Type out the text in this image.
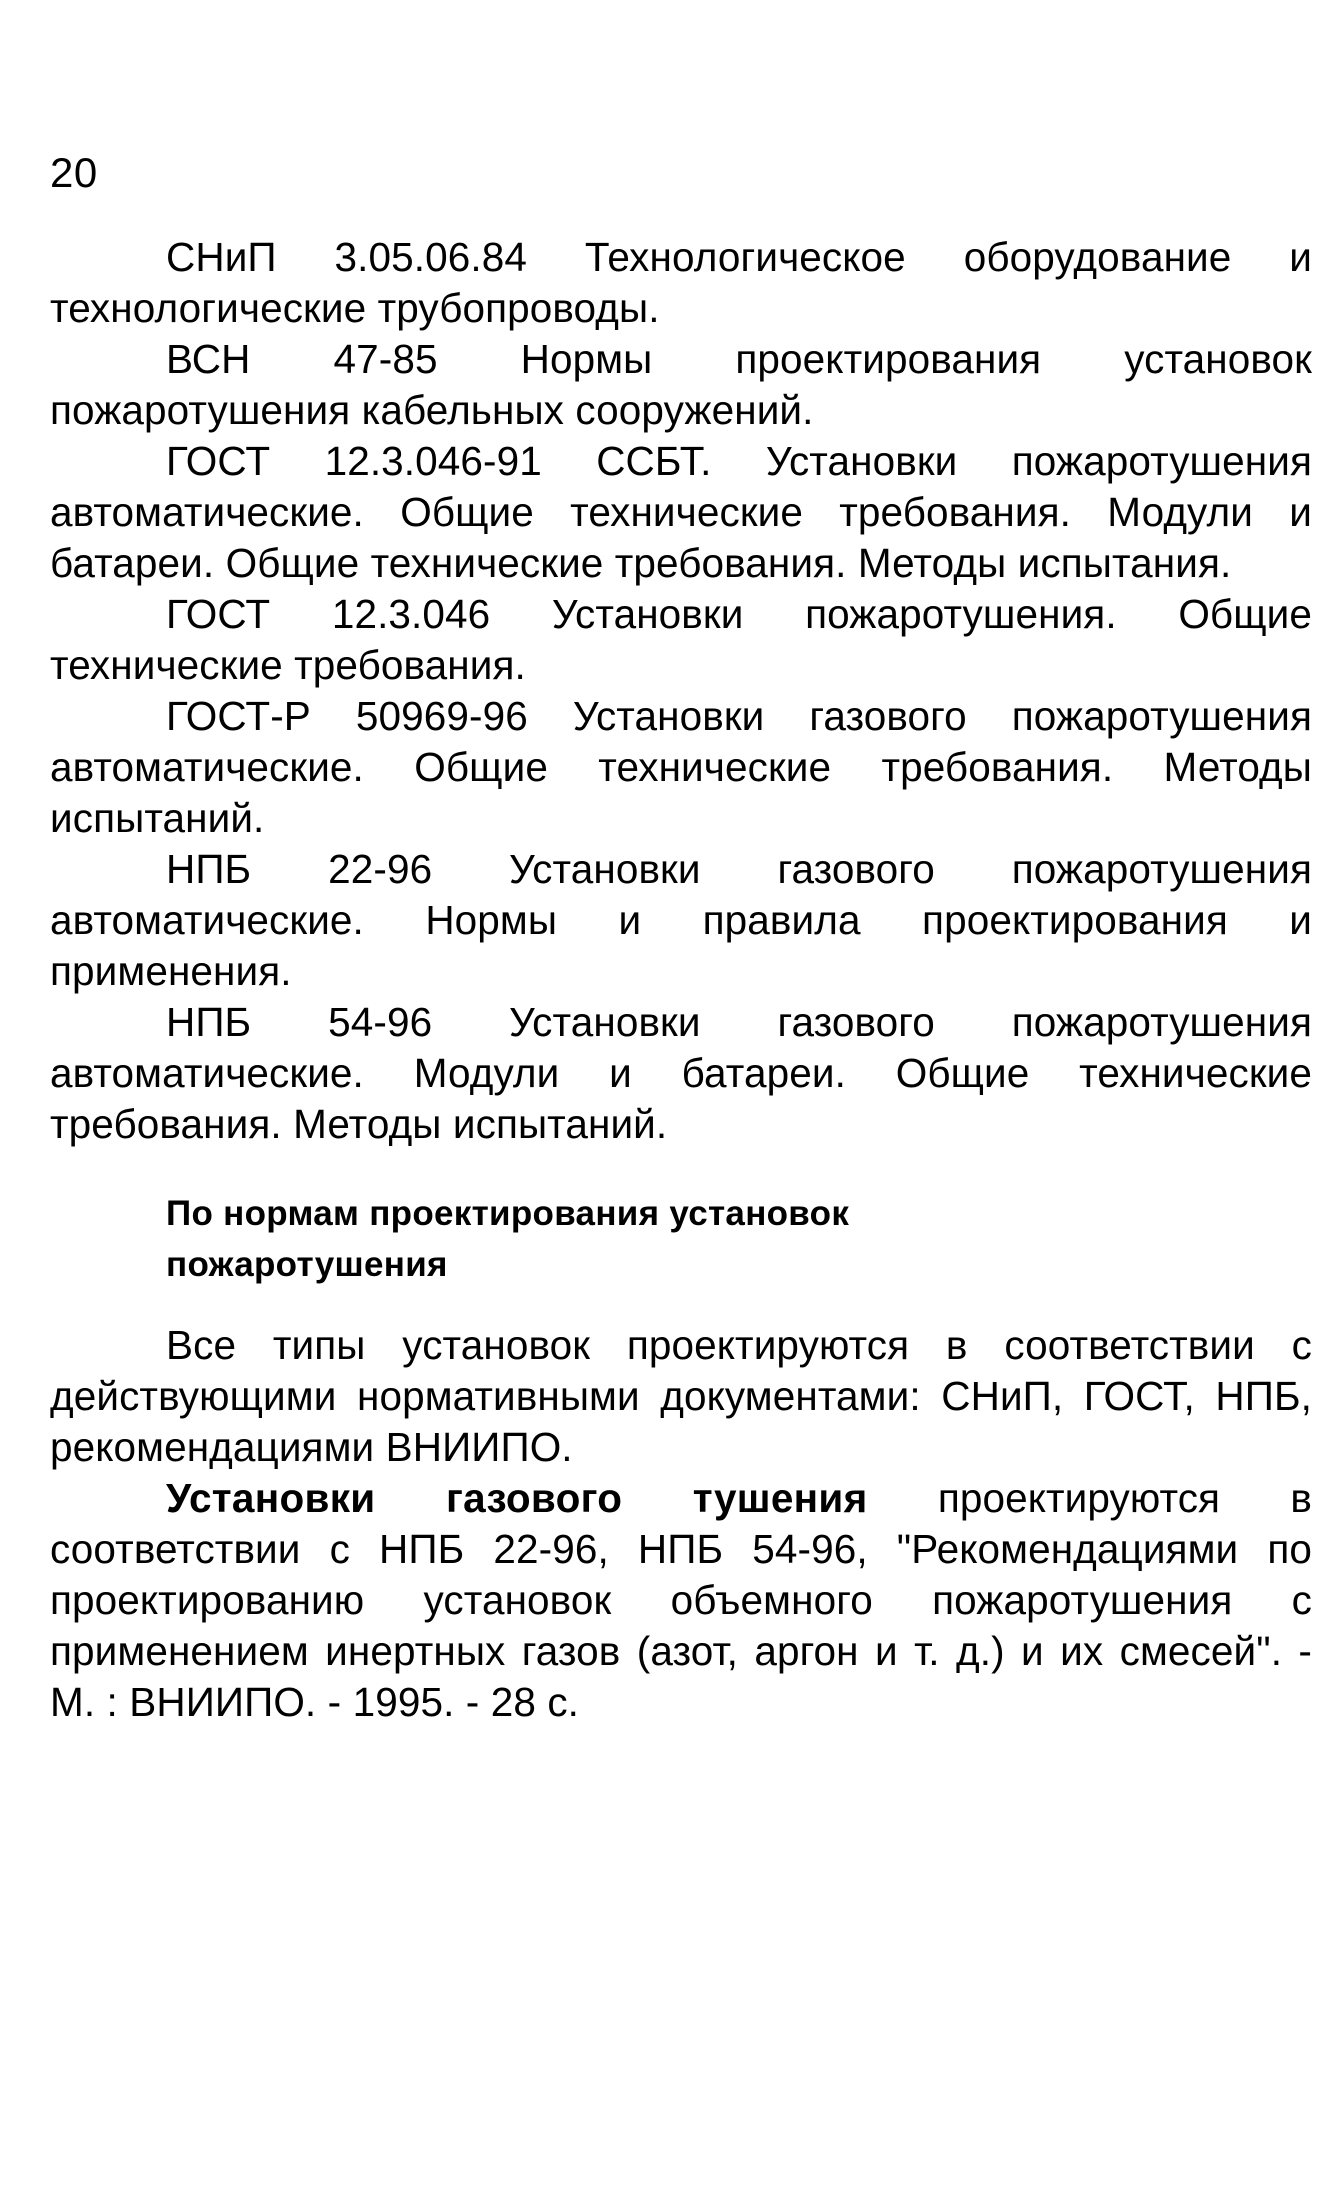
20

СНиП 3.05.06.84 Технологическое оборудование и технологические трубопроводы.

ВСН 47-85 Нормы проектирования установок пожаротушения кабельных сооружений.

ГОСТ 12.3.046-91 ССБТ. Установки пожаротушения автоматические. Общие технические требования. Модули и батареи. Общие технические требования. Методы испытания.

ГОСТ 12.3.046 Установки пожаротушения. Общие технические требования.

ГОСТ-Р 50969-96 Установки газового пожаротушения автоматические. Общие технические требования. Методы испытаний.

НПБ 22-96 Установки газового пожаротушения автоматические. Нормы и правила проектирования и применения.

НПБ 54-96 Установки газового пожаротушения автоматические. Модули и батареи. Общие технические требования. Методы испытаний.

По нормам проектирования установок
пожаротушения

Все типы установок проектируются в соответствии с действующими нормативными документами: СНиП, ГОСТ, НПБ, рекомендациями ВНИИПО.

Установки газового тушения проектируются в соответствии с НПБ 22-96, НПБ 54-96, "Рекомендациями по проектированию установок объемного пожаротушения с применением инертных газов (азот, аргон и т. д.) и их смесей". - М. : ВНИИПО. - 1995. - 28 с.
